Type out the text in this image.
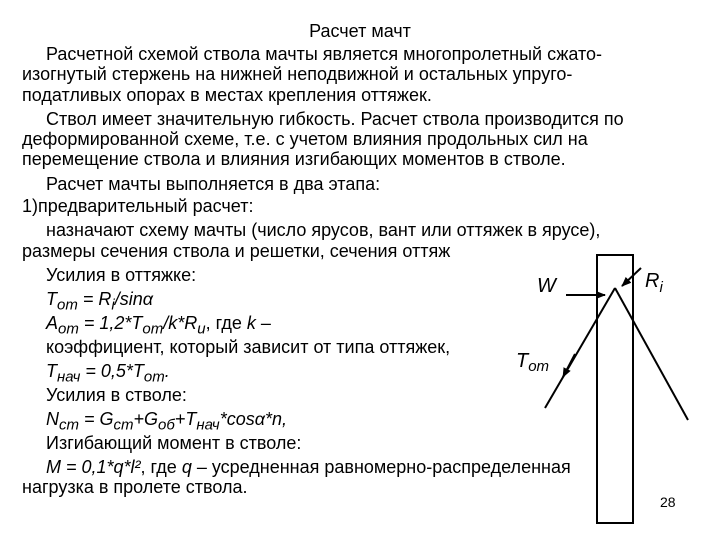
Расчет мачт
Расчетной схемой ствола мачты является многопролетный сжато-
изогнутый стержень на нижней неподвижной и остальных упруго-
податливых опорах в местах крепления оттяжек.
Ствол имеет значительную гибкость. Расчет ствола производится по
деформированной схеме, т.е. с учетом влияния продольных сил на
перемещение ствола и влияния изгибающих моментов в стволе.
Расчет мачты выполняется в два этапа:
1)предварительный расчет:
назначают схему мачты (число ярусов, вант или оттяжек в ярусе),
размеры сечения ствола и решетки, сечения оттяж
Усилия в оттяжке:
$T_{от} = R_i/\sin\alpha$
$A_{от} = 1,2*T_{от}/k*R_u$, где k –
коэффициент, который зависит от типа оттяжек,
$T_{нач} = 0,5*T_{от}$.
Усилия в стволе:
$N_{ст} = G_{ст}+G_{об}+T_{нач}*\cos\alpha*n$,
Изгибающий момент в стволе:
M = 0,1*q*l², где q – усредненная равномерно-распределенная
нагрузка в пролете ствола.
28
W	$R_i$
$T_{от}$
